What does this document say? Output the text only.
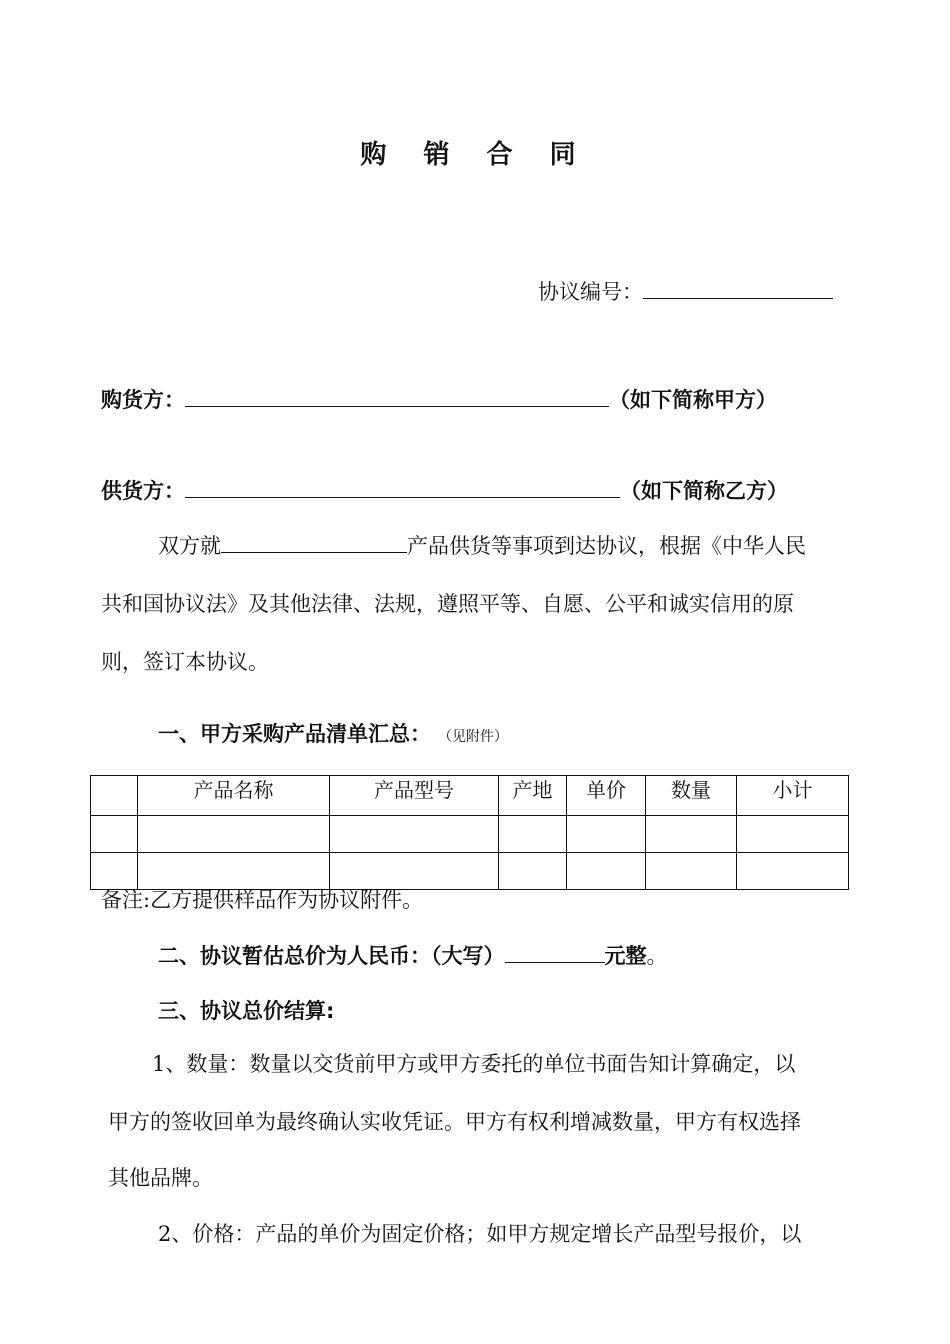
购 销 合 同
协议编号：
购货方：	（如下简称甲方）
供货方：	（如下简称乙方）
双方就	产品供货等事项到达协议，根据《中华人民
共和国协议法》及其他法律、法规，遵照平等、自愿、公平和诚实信用的原
则，签订本协议。
一、甲方采购产品清单汇总： （见附件）
	产品名称	产品型号	产地	单价	数量	小计

备注:乙方提供样品作为协议附件。
二、协议暂估总价为人民币：（大写）	元整。
三、协议总价结算:
1、数量：数量以交货前甲方或甲方委托的单位书面告知计算确定，以
甲方的签收回单为最终确认实收凭证。甲方有权利增减数量，甲方有权选择
其他品牌。
2、价格：产品的单价为固定价格；如甲方规定增长产品型号报价，以
